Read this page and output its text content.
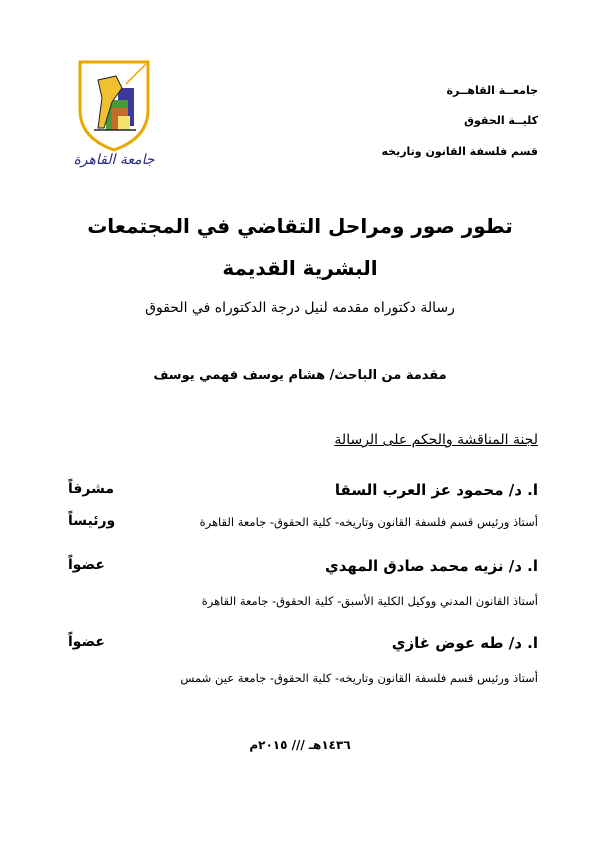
جامعة القاهرة
جامعــة القاهــرة
كليــة الحقوق
قسم فلسفة القانون وتاريخه
تطور صور ومراحل التقاضي في المجتمعات
البشرية القديمة
رسالة دكتوراه مقدمه لنيل درجة الدكتوراه في الحقوق
مقدمة من الباحث/ هشام يوسف فهمي يوسف
لجنة المناقشة والحكم على الرسالة
ا. د/ محمود عز العرب السقا
مشرفاً
أستاذ ورئيس قسم فلسفة القانون وتاريخه- كلية الحقوق- جامعة القاهرة
ورئيساً
ا. د/ نزيه محمد صادق المهدي
عضواً
أستاذ القانون المدني ووكيل الكلية الأسبق- كلية الحقوق- جامعة القاهرة
ا. د/ طه عوض غازي
عضواً
أستاذ ورئيس قسم فلسفة القانون وتاريخه- كلية الحقوق- جامعة عين شمس
١٤٣٦هـ /// ٢٠١٥م
